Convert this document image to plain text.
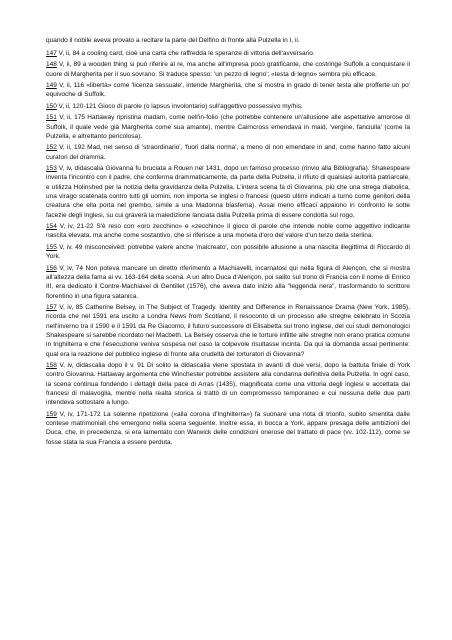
quando il nobile aveva provato a recitare la parte del Delfino di fronte alla Pulzella in I, ii.

147 V, ii, 84 a cooling card, cioè una carta che raffredda le speranze di vittoria dell'avversario.

148 V, ii, 89 a wooden thing si può riferire al re, ma anche all'impresa poco gratificante, che costringe Suffolk a conquistare il cuore di Margherita per il suo sovrano. Si traduce spesso: 'un pezzo di legno'; «testa di legno» sembra più efficace.

149 V, ii, 116 «libertà» come 'licenza sessuale', intende Margherita, che si mostra in grado di tener testa alle profferte un po' equivoche di Suffolk.

150 V, ii, 120-121 Gioco di parole (o lapsus involontario) sull'aggettivo possessivo my/his.

151 V, ii, 175 Hattaway ripristina madam, come nell'in-folio (che potrebbe contenere un'allusione alle aspettative amorose di Suffolk, il quale vede già Margherita come sua amante), mentre Cairncross emendava in maid, 'vergine, fanciulla' (come la Pulzella, e altrettanto pericolosa).

152 V, ii, 192 Mad, nel senso di 'straordinario', 'fuori dalla norma', a meno di non emendare in and, come hanno fatto alcuni curatori del dramma.

153 V, iv, didascalia Giovanna fu bruciata a Rouen nel 1431, dopo un famoso processo (rinvio alla Bibliografia). Shakespeare inventa l'incontro con il padre, che conferma drammaticamente, da parte della Pulzella, il rifiuto di qualsiasi autorità patriarcale, e utilizza Holinshed per la notizia della gravidanza della Pulzella. L'intera scena fa di Giovanna, più che una strega diabolica, una virago scatenata contro tutti gli uomini, non importa se inglesi o francesi (questi ultimi indicati a turno come genitori della creatura che ella porta nel grembo, simile a una Madonna blasfema). Assai meno efficaci appaiono in confronto le sotte facezie degli Inglesi, su cui graverà la maledizione lanciata dalla Pulzella prima di essere condotta sul rogo.

154 V, iv, 21-22 S'è reso con «oro zecchino» e «zecchino» il gioco di parole che intende noble come aggettivo indicante nascita elevata, ma anche come sostantivo, che si riferisce a una moneta d'oro del valore d'un terzo della sterlina.

155 V, iv, 49 misconceivèd: potrebbe valere anche 'malcreato', con possibile allusione a una nascita illegittima di Riccardo di York.

156 V, iv, 74 Non poteva mancare un diretto riferimento a Machiavelli, incarnatosi qui nella figura di Alençon, che si mostra all'altezza della fama ai vv. 163-164 della scena. A un altro Duca d'Alençon, poi salito sul trono di Francia con il nome di Enrico III, era dedicato il Contre-Machiavel di Gentillet (1576), che aveva dato inizio alla "leggenda nera", trasformando lo scrittore fiorentino in una figura satanica.

157 V, iv, 85 Catherine Belsey, in The Subject of Tragedy. Identity and Difference in Renaissance Drama (New York, 1985), ricorda che nel 1591 era uscito a Londra News from Scotland, il resoconto di un processo alle streghe celebrato in Scozia nell'inverno tra il 1590 e il 1591 da Re Giacomo, il futuro successore di Elisabetta sul trono inglese, del cui studi demonologici Shakespeare si sarebbe ricordato nel Macbeth. La Belsey osserva che le torture inflitte alle streghe non erano pratica comune in Inghilterra e che l'esecuzione veniva sospesa nel caso la colpevole risultasse incinta. Da qui la domanda assai pertinente: qual era la reazione del pubblico inglese di fronte alla crudeltà dei torturatori di Giovanna?

158 V, iv, didascalia dopo il v. 91 Di solito la didascalia viene spostata in avanti di due versi, dopo la battuta finale di York contro Giovanna. Hattaway argomenta che Winchester potrebbe assistere alla condanna definitiva della Pulzella. In ogni caso, la scena continua fondendo i dettagli della pace di Arras (1435), magnificata come una vittoria degli inglesi e accettata dai francesi di malavoglia, mentre nella realtà storica si trattò di un compromesso temporaneo e cui nessuna delle due parti intendeva sottostare a lungo.

159 V, iv, 171-172 La solenne ripetizione («alla corona d'Inghilterra») fa suonare una nota di trionfo, subito smentita dalle contese matrimoniali che emergono nella scena seguente. Inoltre essa, in bocca a York, appare presaga delle ambizioni del Duca, che, in precedenza, si era lamentato con Warwick delle condizioni onerose del trattato di pace (vv. 102-112), come se fosse stata la sua Francia a essere perduta.
